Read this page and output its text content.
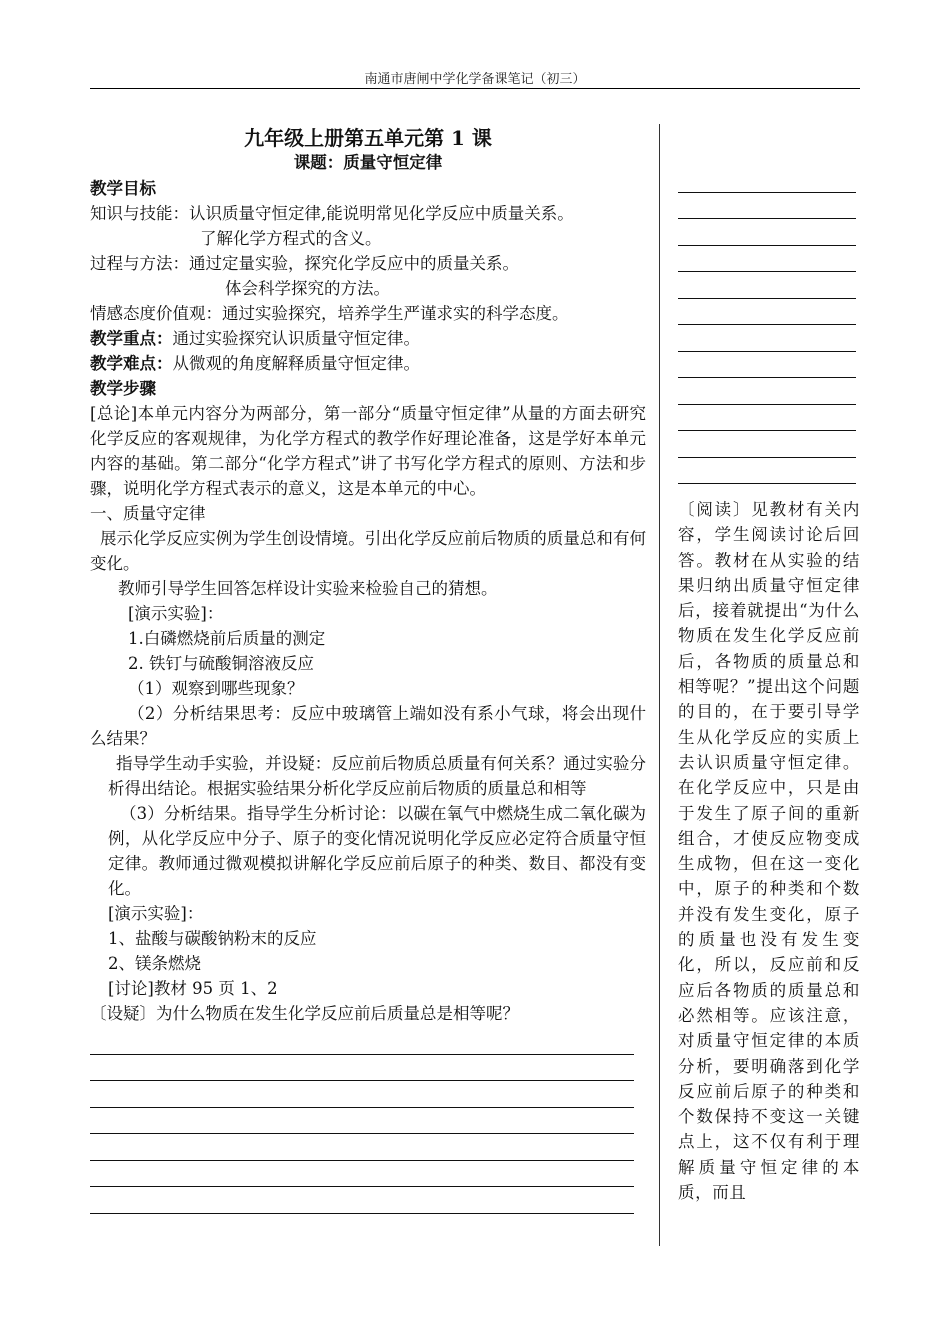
南通市唐闸中学化学备课笔记（初三）
九年级上册第五单元第 1 课
课题：质量守恒定律

教学目标

知识与技能：认识质量守恒定律,能说明常见化学反应中质量关系。

了解化学方程式的含义。

过程与方法：通过定量实验，探究化学反应中的质量关系。

体会科学探究的方法。

情感态度价值观：通过实验探究，培养学生严谨求实的科学态度。

教学重点：通过实验探究认识质量守恒定律。

教学难点：从微观的角度解释质量守恒定律。

教学步骤

[总论]本单元内容分为两部分，第一部分“质量守恒定律”从量的方面去研究化学反应的客观规律，为化学方程式的教学作好理论准备，这是学好本单元内容的基础。第二部分“化学方程式”讲了书写化学方程式的原则、方法和步骤，说明化学方程式表示的意义，这是本单元的中心。

一、质量守定律

展示化学反应实例为学生创设情境。引出化学反应前后物质的质量总和有何变化。

教师引导学生回答怎样设计实验来检验自己的猜想。

[演示实验]：

1.白磷燃烧前后质量的测定

2. 铁钉与硫酸铜溶液反应

（1）观察到哪些现象？

（2）分析结果思考：反应中玻璃管上端如没有系小气球，将会出现什么结果？

指导学生动手实验，并设疑：反应前后物质总质量有何关系？通过实验分析得出结论。根据实验结果分析化学反应前后物质的质量总和相等

（3）分析结果。指导学生分析讨论：以碳在氧气中燃烧生成二氧化碳为例，从化学反应中分子、原子的变化情况说明化学反应必定符合质量守恒定律。教师通过微观模拟讲解化学反应前后原子的种类、数目、都没有变化。

[演示实验]：

1、盐酸与碳酸钠粉末的反应

2、镁条燃烧

[讨论]教材 95 页 1、2

〔设疑〕为什么物质在发生化学反应前后质量总是相等呢？

〔阅读〕见教材有关内容，学生阅读讨论后回答。教材在从实验的结果归纳出质量守恒定律后，接着就提出“为什么物质在发生化学反应前后，各物质的质量总和相等呢？”提出这个问题的目的，在于要引导学生从化学反应的实质上去认识质量守恒定律。在化学反应中，只是由于发生了原子间的重新组合，才使反应物变成生成物，但在这一变化中，原子的种类和个数并没有发生变化，原子的质量也没有发生变化，所以，反应前和反应后各物质的质量总和必然相等。应该注意，对质量守恒定律的本质分析，要明确落到化学反应前后原子的种类和个数保持不变这一关键点上，这不仅有利于理解质量守恒定律的本质，而且
